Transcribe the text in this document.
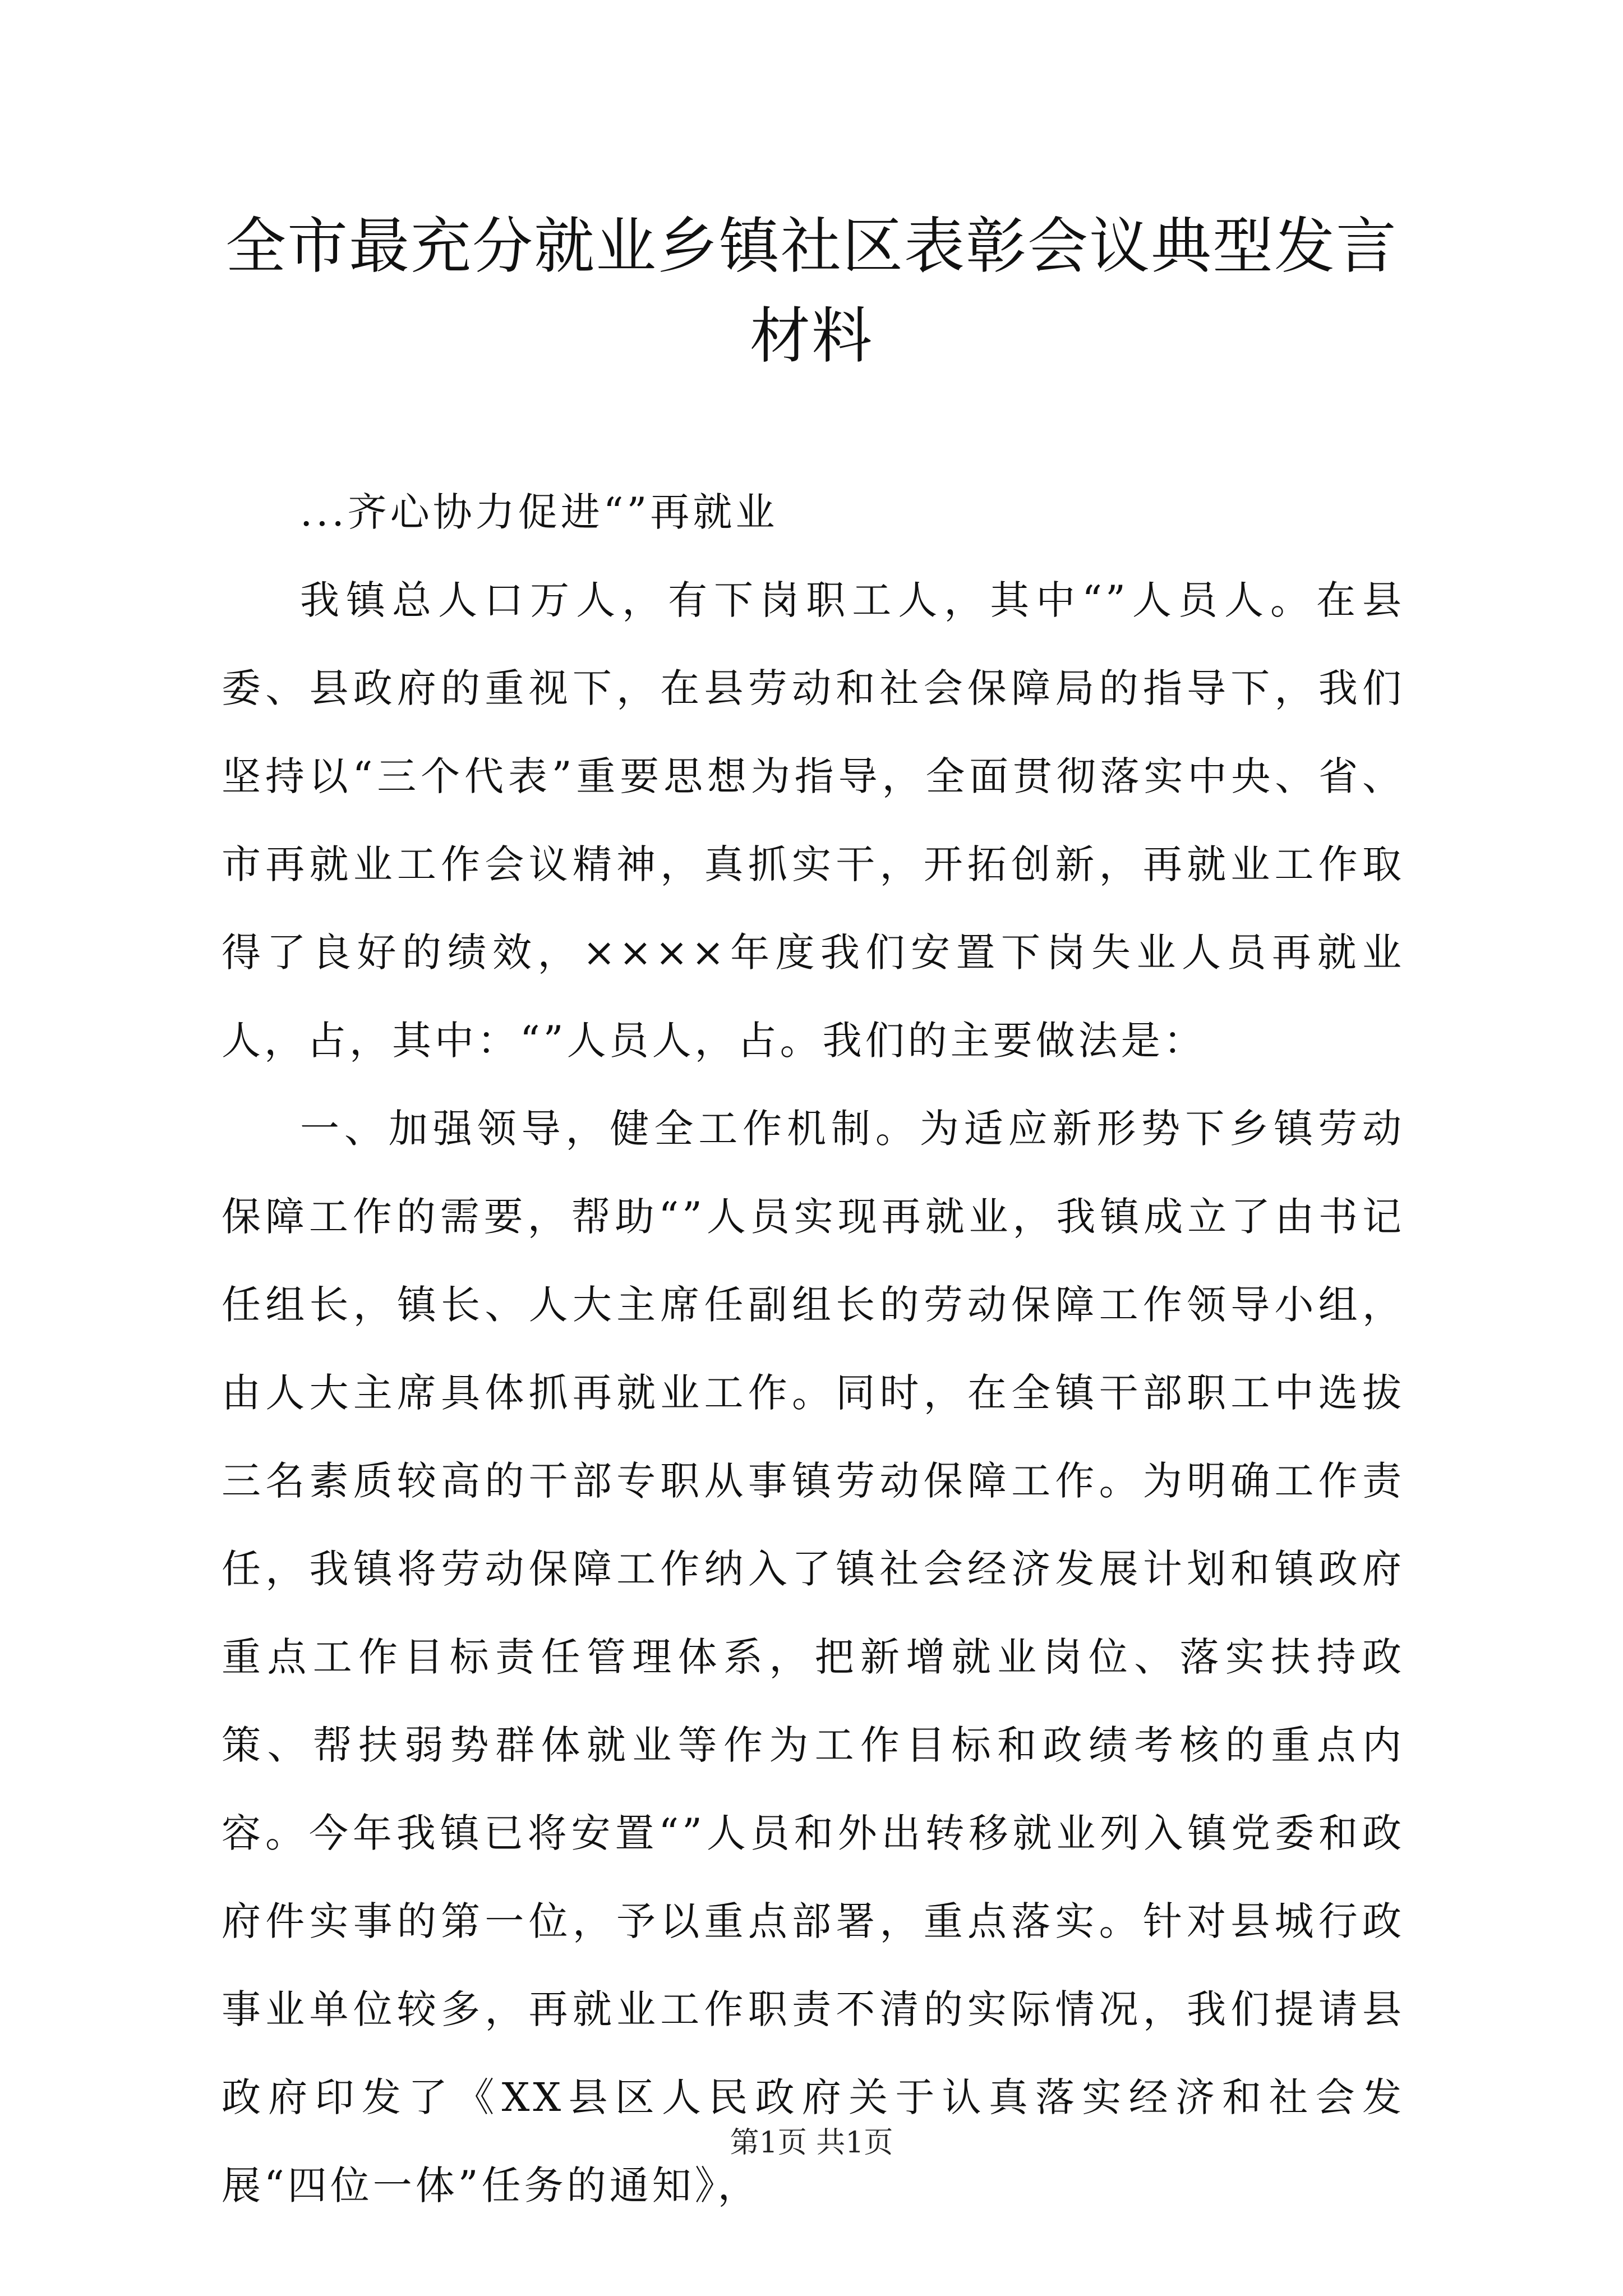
全市最充分就业乡镇社区表彰会议典型发言材料

...齐心协力促进“”再就业

我镇总人口万人，有下岗职工人，其中“”人员人。在县委、县政府的重视下，在县劳动和社会保障局的指导下，我们坚持以“三个代表”重要思想为指导，全面贯彻落实中央、省、市再就业工作会议精神，真抓实干，开拓创新，再就业工作取得了良好的绩效，××××年度我们安置下岗失业人员再就业人，占，其中：“”人员人，占。我们的主要做法是：

一、加强领导，健全工作机制。为适应新形势下乡镇劳动保障工作的需要，帮助“”人员实现再就业，我镇成立了由书记任组长，镇长、人大主席任副组长的劳动保障工作领导小组，由人大主席具体抓再就业工作。同时，在全镇干部职工中选拔三名素质较高的干部专职从事镇劳动保障工作。为明确工作责任，我镇将劳动保障工作纳入了镇社会经济发展计划和镇政府重点工作目标责任管理体系，把新增就业岗位、落实扶持政策、帮扶弱势群体就业等作为工作目标和政绩考核的重点内容。今年我镇已将安置“”人员和外出转移就业列入镇党委和政府件实事的第一位，予以重点部署，重点落实。针对县城行政事业单位较多，再就业工作职责不清的实际情况，我们提请县政府印发了《XX县区人民政府关于认真落实经济和社会发展“四位一体”任务的通知》，

第1页 共1页
